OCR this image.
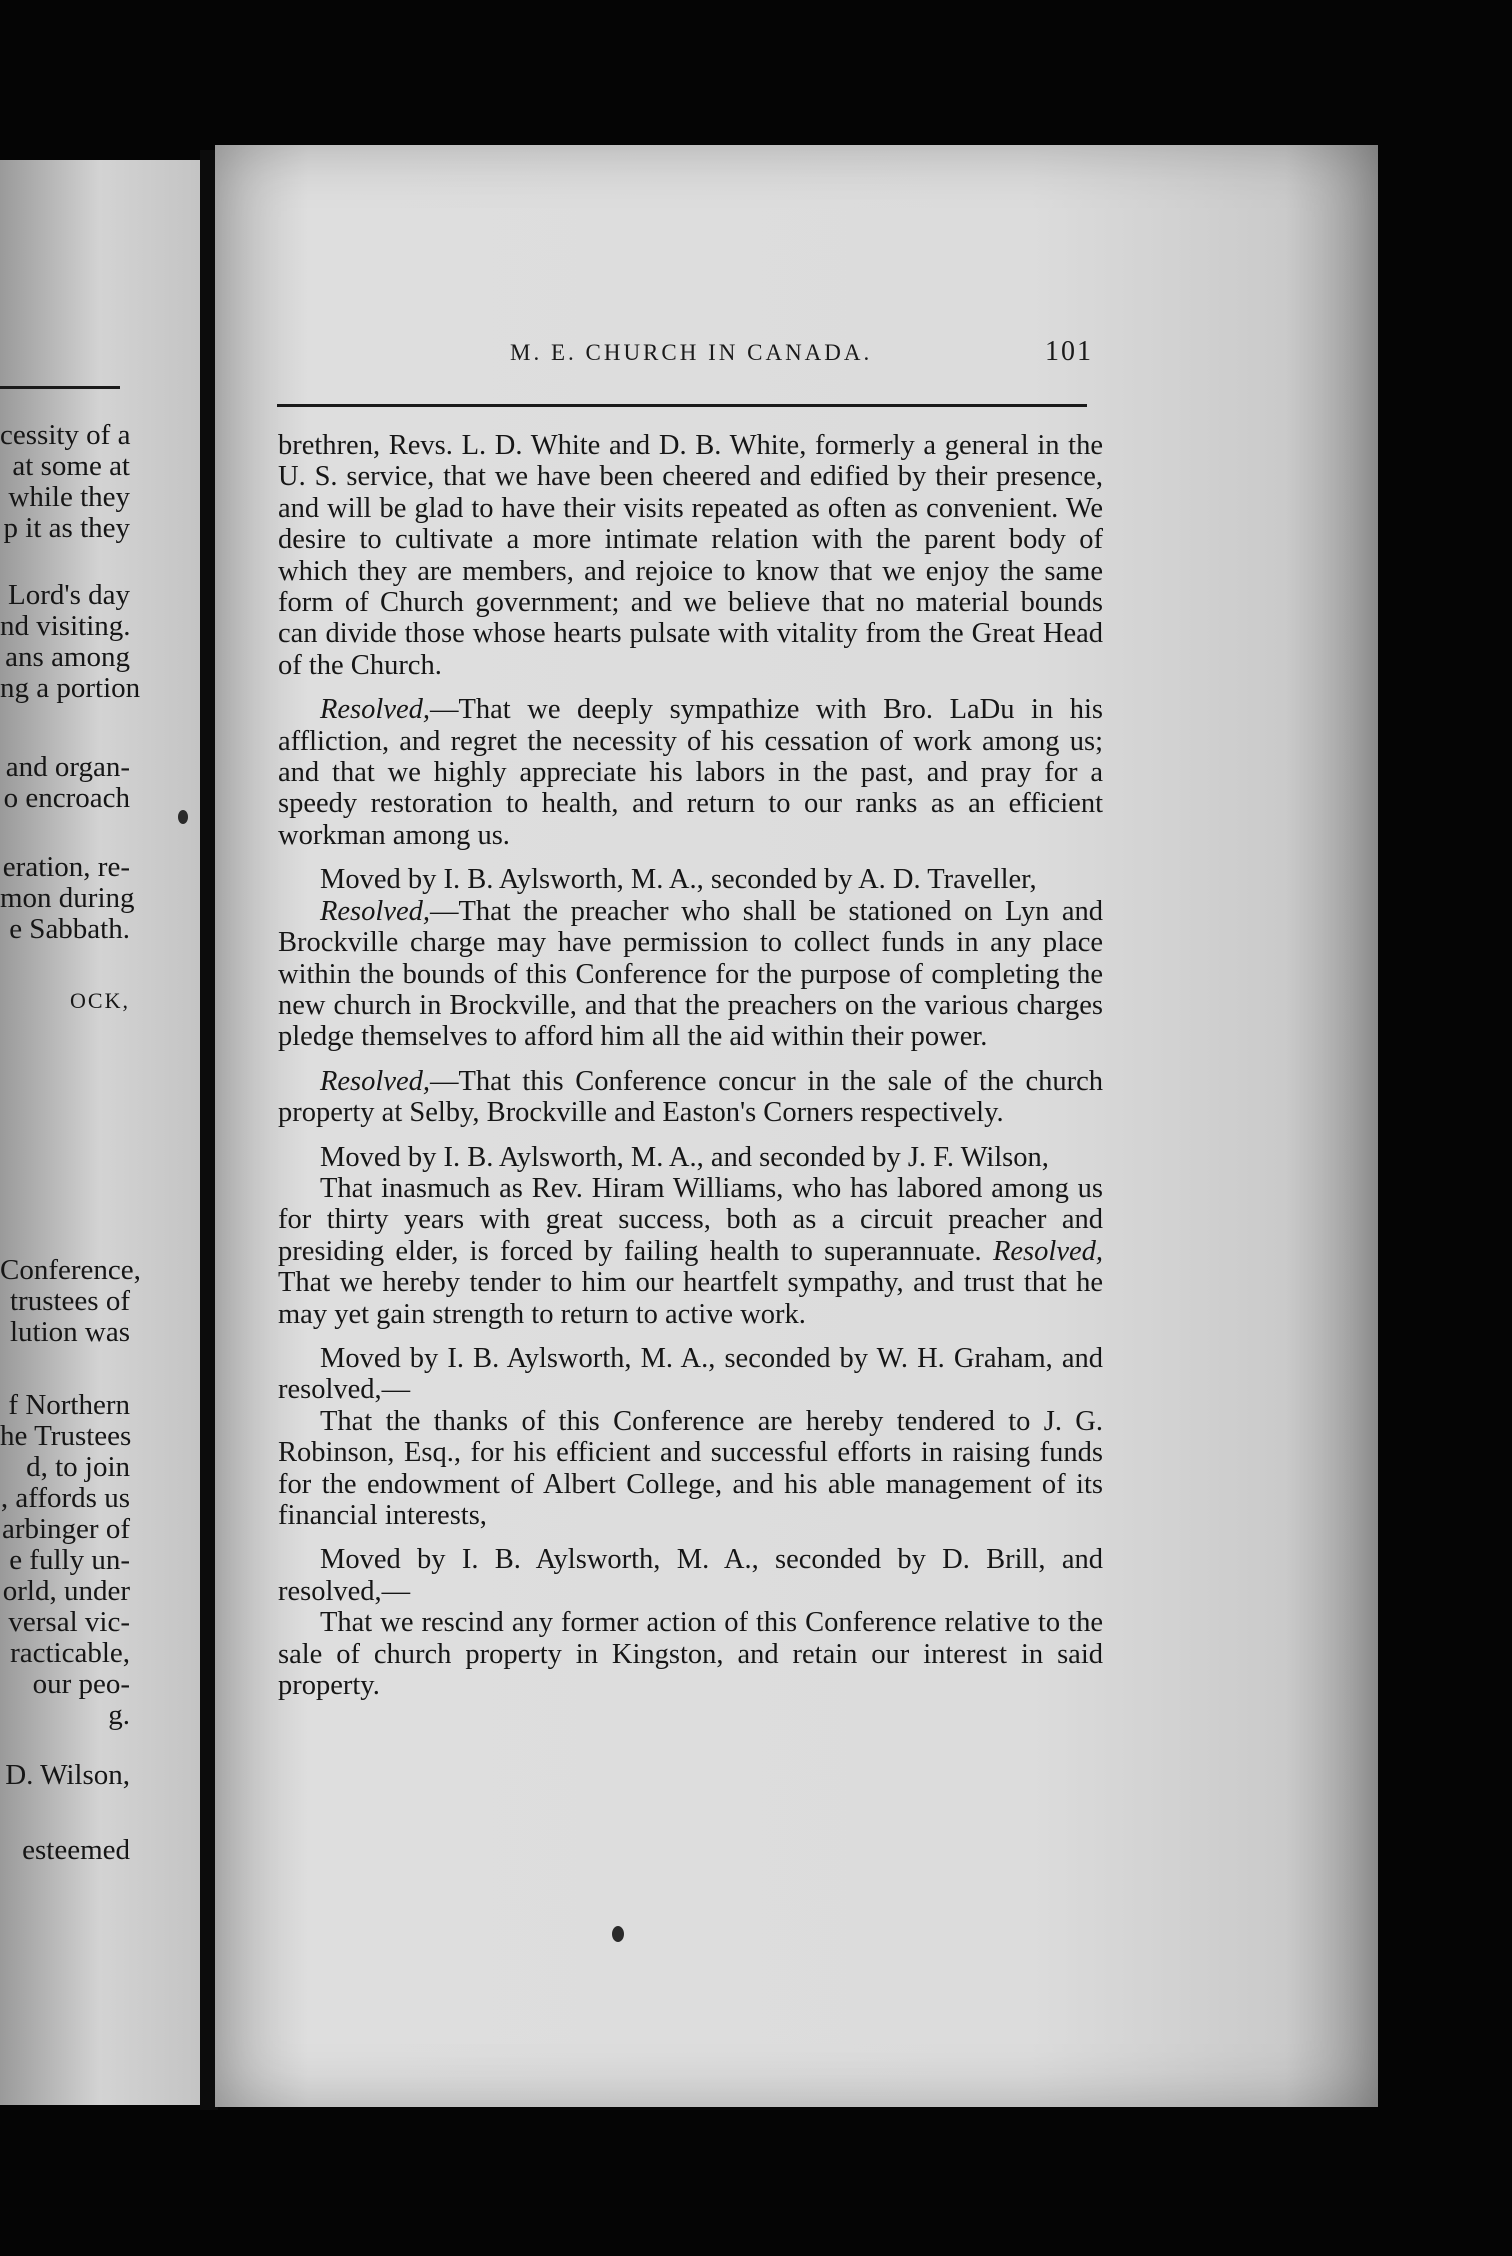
cessity of a
at some at
while they
p it as they
Lord's day
nd visiting.
ans among
ng a portion
and organ-
o encroach
eration, re-
mon during
e Sabbath.
OCK,
Conference,
trustees of
lution was
f Northern
he Trustees
d, to join
, affords us
arbinger of
e fully un-
orld, under
versal vic-
racticable,
our peo-
g.
D. Wilson,
esteemed
M. E. CHURCH IN CANADA.	101

brethren, Revs. L. D. White and D. B. White, formerly a general in the U. S. service, that we have been cheered and edified by their presence, and will be glad to have their visits repeated as often as convenient. We desire to cultivate a more intimate relation with the parent body of which they are members, and rejoice to know that we enjoy the same form of Church government; and we believe that no material bounds can divide those whose hearts pulsate with vitality from the Great Head of the Church.

Resolved,—That we deeply sympathize with Bro. LaDu in his affliction, and regret the necessity of his cessation of work among us; and that we highly appreciate his labors in the past, and pray for a speedy restoration to health, and return to our ranks as an efficient workman among us.

Moved by I. B. Aylsworth, M. A., seconded by A. D. Traveller,

Resolved,—That the preacher who shall be stationed on Lyn and Brockville charge may have permission to collect funds in any place within the bounds of this Conference for the purpose of completing the new church in Brockville, and that the preachers on the various charges pledge themselves to afford him all the aid within their power.

Resolved,—That this Conference concur in the sale of the church property at Selby, Brockville and Easton's Corners respectively.

Moved by I. B. Aylsworth, M. A., and seconded by J. F. Wilson,

That inasmuch as Rev. Hiram Williams, who has labored among us for thirty years with great success, both as a circuit preacher and presiding elder, is forced by failing health to superannuate. Resolved, That we hereby tender to him our heartfelt sympathy, and trust that he may yet gain strength to return to active work.

Moved by I. B. Aylsworth, M. A., seconded by W. H. Graham, and resolved,—

That the thanks of this Conference are hereby tendered to J. G. Robinson, Esq., for his efficient and successful efforts in raising funds for the endowment of Albert College, and his able management of its financial interests,

Moved by I. B. Aylsworth, M. A., seconded by D. Brill, and resolved,—

That we rescind any former action of this Conference relative to the sale of church property in Kingston, and retain our interest in said property.
